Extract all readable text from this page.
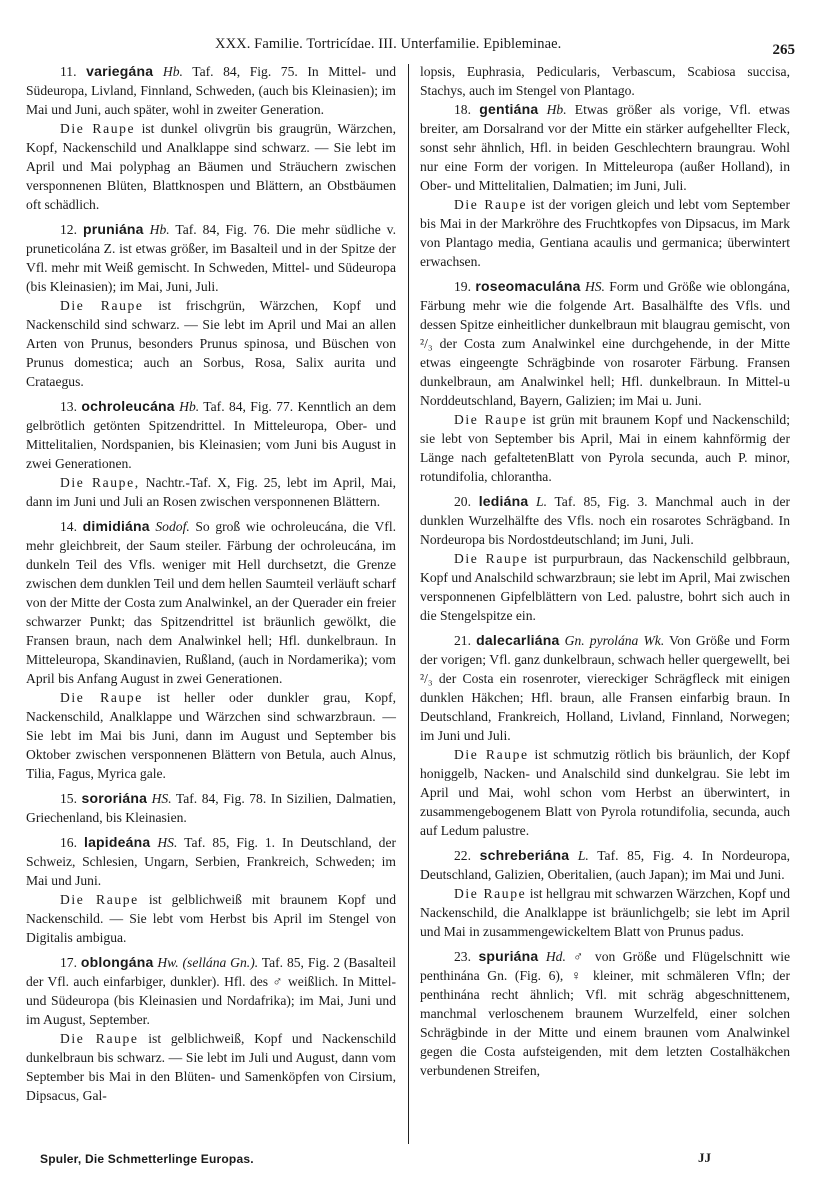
XXX. Familie. Tortricídae. III. Unterfamilie. Epibleminae.	265

11. variegána Hb. Taf. 84, Fig. 75. In Mittel- und Südeuropa, Livland, Finnland, Schweden, (auch bis Kleinasien); im Mai und Juni, auch später, wohl in zweiter Generation.

Die Raupe ist dunkel olivgrün bis graugrün, Wärzchen, Kopf, Nackenschild und Analklappe sind schwarz. — Sie lebt im April und Mai polyphag an Bäumen und Sträuchern zwischen versponnenen Blüten, Blattknospen und Blättern, an Obstbäumen oft schädlich.

12. pruniána Hb. Taf. 84, Fig. 76. Die mehr südliche v. pruneticolána Z. ist etwas größer, im Basalteil und in der Spitze der Vfl. mehr mit Weiß gemischt. In Schweden, Mittel- und Südeuropa (bis Kleinasien); im Mai, Juni, Juli.

Die Raupe ist frischgrün, Wärzchen, Kopf und Nackenschild sind schwarz. — Sie lebt im April und Mai an allen Arten von Prunus, besonders Prunus spinosa, und Büschen von Prunus domestica; auch an Sorbus, Rosa, Salix aurita und Crataegus.

13. ochroleucána Hb. Taf. 84, Fig. 77. Kenntlich an dem gelbrötlich getönten Spitzendrittel. In Mitteleuropa, Ober- und Mittelitalien, Nordspanien, bis Kleinasien; vom Juni bis August in zwei Generationen.

Die Raupe, Nachtr.-Taf. X, Fig. 25, lebt im April, Mai, dann im Juni und Juli an Rosen zwischen versponnenen Blättern.

14. dimidiána Sodof. So groß wie ochroleucána, die Vfl. mehr gleichbreit, der Saum steiler. Färbung der ochroleucána, im dunkeln Teil des Vfls. weniger mit Hell durchsetzt, die Grenze zwischen dem dunklen Teil und dem hellen Saumteil verläuft scharf von der Mitte der Costa zum Analwinkel, an der Querader ein freier schwarzer Punkt; das Spitzendrittel ist bräunlich gewölkt, die Fransen braun, nach dem Analwinkel hell; Hfl. dunkelbraun. In Mitteleuropa, Skandinavien, Rußland, (auch in Nordamerika); vom April bis Anfang August in zwei Generationen.

Die Raupe ist heller oder dunkler grau, Kopf, Nackenschild, Analklappe und Wärzchen sind schwarzbraun. — Sie lebt im Mai bis Juni, dann im August und September bis Oktober zwischen versponnenen Blättern von Betula, auch Alnus, Tilia, Fagus, Myrica gale.

15. sororiána HS. Taf. 84, Fig. 78. In Sizilien, Dalmatien, Griechenland, bis Kleinasien.

16. lapideána HS. Taf. 85, Fig. 1. In Deutschland, der Schweiz, Schlesien, Ungarn, Serbien, Frankreich, Schweden; im Mai und Juni.

Die Raupe ist gelblichweiß mit braunem Kopf und Nackenschild. — Sie lebt vom Herbst bis April im Stengel von Digitalis ambigua.

17. oblongána Hw. (sellána Gn.). Taf. 85, Fig. 2 (Basalteil der Vfl. auch einfarbiger, dunkler). Hfl. des ♂ weißlich. In Mittel- und Südeuropa (bis Kleinasien und Nordafrika); im Mai, Juni und im August, September.

Die Raupe ist gelblichweiß, Kopf und Nackenschild dunkelbraun bis schwarz. — Sie lebt im Juli und August, dann vom September bis Mai in den Blüten- und Samenköpfen von Cirsium, Dipsacus, Gal-

lopsis, Euphrasia, Pedicularis, Verbascum, Scabiosa succisa, Stachys, auch im Stengel von Plantago.

18. gentiána Hb. Etwas größer als vorige, Vfl. etwas breiter, am Dorsalrand vor der Mitte ein stärker aufgehellter Fleck, sonst sehr ähnlich, Hfl. in beiden Geschlechtern braungrau. Wohl nur eine Form der vorigen. In Mitteleuropa (außer Holland), in Ober- und Mittelitalien, Dalmatien; im Juni, Juli.

Die Raupe ist der vorigen gleich und lebt vom September bis Mai in der Markröhre des Fruchtkopfes von Dipsacus, im Mark von Plantago media, Gentiana acaulis und germanica; überwintert erwachsen.

19. roseomaculána HS. Form und Größe wie oblongána, Färbung mehr wie die folgende Art. Basalhälfte des Vfls. und dessen Spitze einheitlicher dunkelbraun mit blaugrau gemischt, von ²/₃ der Costa zum Analwinkel eine durchgehende, in der Mitte etwas eingeengte Schrägbinde von rosaroter Färbung. Fransen dunkelbraun, am Analwinkel hell; Hfl. dunkelbraun. In Mittel-u Norddeutschland, Bayern, Galizien; im Mai u. Juni.

Die Raupe ist grün mit braunem Kopf und Nackenschild; sie lebt von September bis April, Mai in einem kahnförmig der Länge nach gefaltetenBlatt von Pyrola secunda, auch P. minor, rotundifolia, chlorantha.

20. lediána L. Taf. 85, Fig. 3. Manchmal auch in der dunklen Wurzelhälfte des Vfls. noch ein rosarotes Schrägband. In Nordeuropa bis Nordostdeutschland; im Juni, Juli.

Die Raupe ist purpurbraun, das Nackenschild gelbbraun, Kopf und Analschild schwarzbraun; sie lebt im April, Mai zwischen versponnenen Gipfelblättern von Led. palustre, bohrt sich auch in die Stengelspitze ein.

21. dalecarliána Gn. pyrolána Wk. Von Größe und Form der vorigen; Vfl. ganz dunkelbraun, schwach heller quergewellt, bei ²/₃ der Costa ein rosenroter, viereckiger Schrägfleck mit einigen dunklen Häkchen; Hfl. braun, alle Fransen einfarbig braun. In Deutschland, Frankreich, Holland, Livland, Finnland, Norwegen; im Juni und Juli.

Die Raupe ist schmutzig rötlich bis bräunlich, der Kopf honiggelb, Nacken- und Analschild sind dunkelgrau. Sie lebt im April und Mai, wohl schon vom Herbst an überwintert, in zusammengebogenem Blatt von Pyrola rotundifolia, secunda, auch auf Ledum palustre.

22. schreberiána L. Taf. 85, Fig. 4. In Nordeuropa, Deutschland, Galizien, Oberitalien, (auch Japan); im Mai und Juni.

Die Raupe ist hellgrau mit schwarzen Wärzchen, Kopf und Nackenschild, die Analklappe ist bräunlichgelb; sie lebt im April und Mai in zusammengewickeltem Blatt von Prunus padus.

23. spuriána Hd. ♂ von Größe und Flügelschnitt wie penthinána Gn. (Fig. 6), ♀ kleiner, mit schmäleren Vfln; der penthinána recht ähnlich; Vfl. mit schräg abgeschnittenem, manchmal verloschenem braunem Wurzelfeld, einer solchen Schrägbinde in der Mitte und einem braunen vom Analwinkel gegen die Costa aufsteigenden, mit dem letzten Costalhäkchen verbundenen Streifen,

Spuler, Die Schmetterlinge Europas.	JJ
